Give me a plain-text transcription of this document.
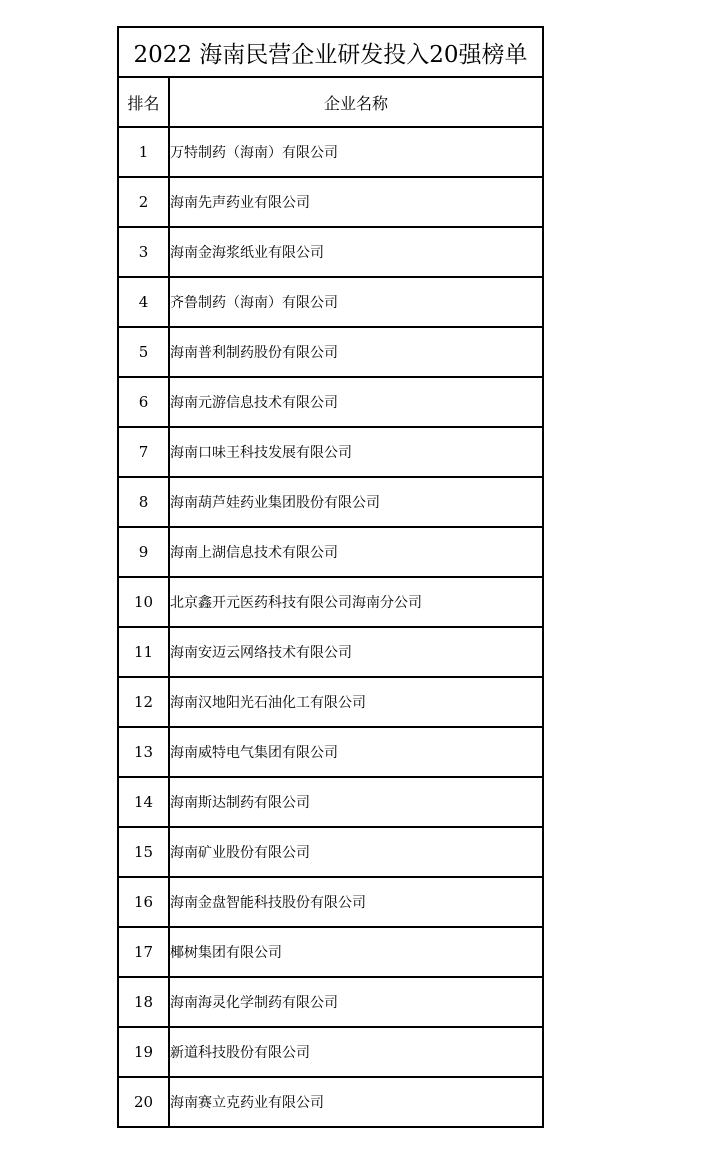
2022 海南民营企业研发投入20强榜单	
排名	企业名称
1	万特制药（海南）有限公司
2	海南先声药业有限公司
3	海南金海浆纸业有限公司
4	齐鲁制药（海南）有限公司
5	海南普利制药股份有限公司
6	海南元游信息技术有限公司
7	海南口味王科技发展有限公司
8	海南葫芦娃药业集团股份有限公司
9	海南上湖信息技术有限公司
10	北京鑫开元医药科技有限公司海南分公司
11	海南安迈云网络技术有限公司
12	海南汉地阳光石油化工有限公司
13	海南威特电气集团有限公司
14	海南斯达制药有限公司
15	海南矿业股份有限公司
16	海南金盘智能科技股份有限公司
17	椰树集团有限公司
18	海南海灵化学制药有限公司
19	新道科技股份有限公司
20	海南赛立克药业有限公司
